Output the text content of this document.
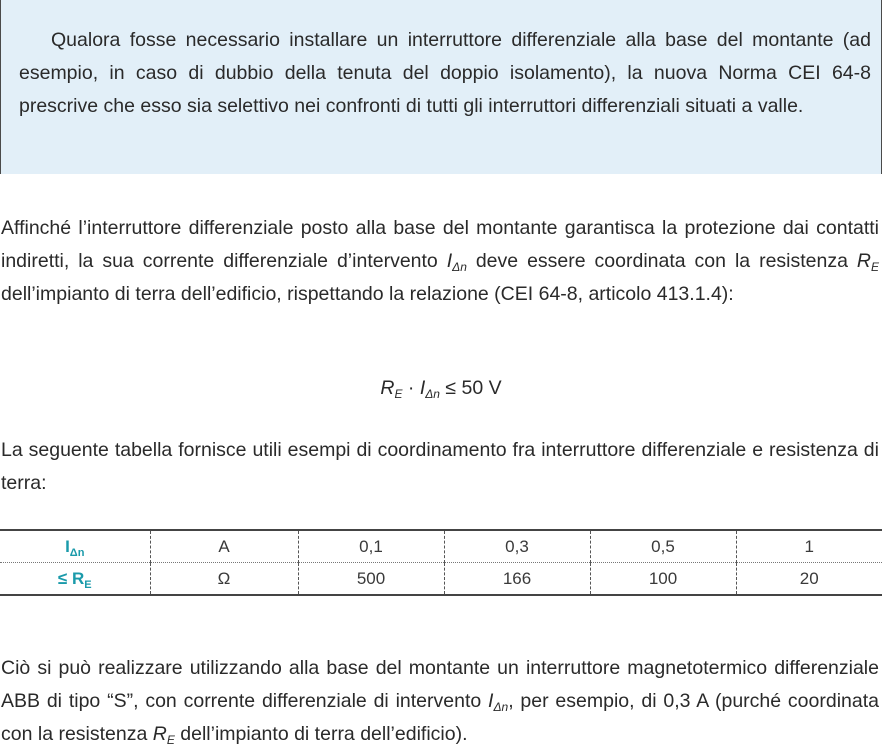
Qualora fosse necessario installare un interruttore differenziale alla base del montante (ad esempio, in caso di dubbio della tenuta del doppio isolamento), la nuova Norma CEI 64-8 prescrive che esso sia selettivo nei confronti di tutti gli interruttori differenziali situati a valle.

Affinché l’interruttore differenziale posto alla base del montante garantisca la protezione dai contatti indiretti, la sua corrente differenziale d’intervento $I_{\Delta n}$ deve essere coordinata con la resistenza $R_E$ dell’impianto di terra dell’edificio, rispettando la relazione (CEI 64-8, articolo 413.1.4):

$R_E \cdot I_{\Delta n} \le 50$ V

La seguente tabella fornisce utili esempi di coordinamento fra interruttore differenziale e resistenza di terra:

$I_{\Delta n}$	A	0,1	0,3	0,5	1
≤ $R_E$	Ω	500	166	100	20

Ciò si può realizzare utilizzando alla base del montante un interruttore magnetotermico differenziale ABB di tipo “S”, con corrente differenziale di intervento $I_{\Delta n}$, per esempio, di 0,3 A (purché coordinata con la resistenza $R_E$ dell’impianto di terra dell’edificio).
